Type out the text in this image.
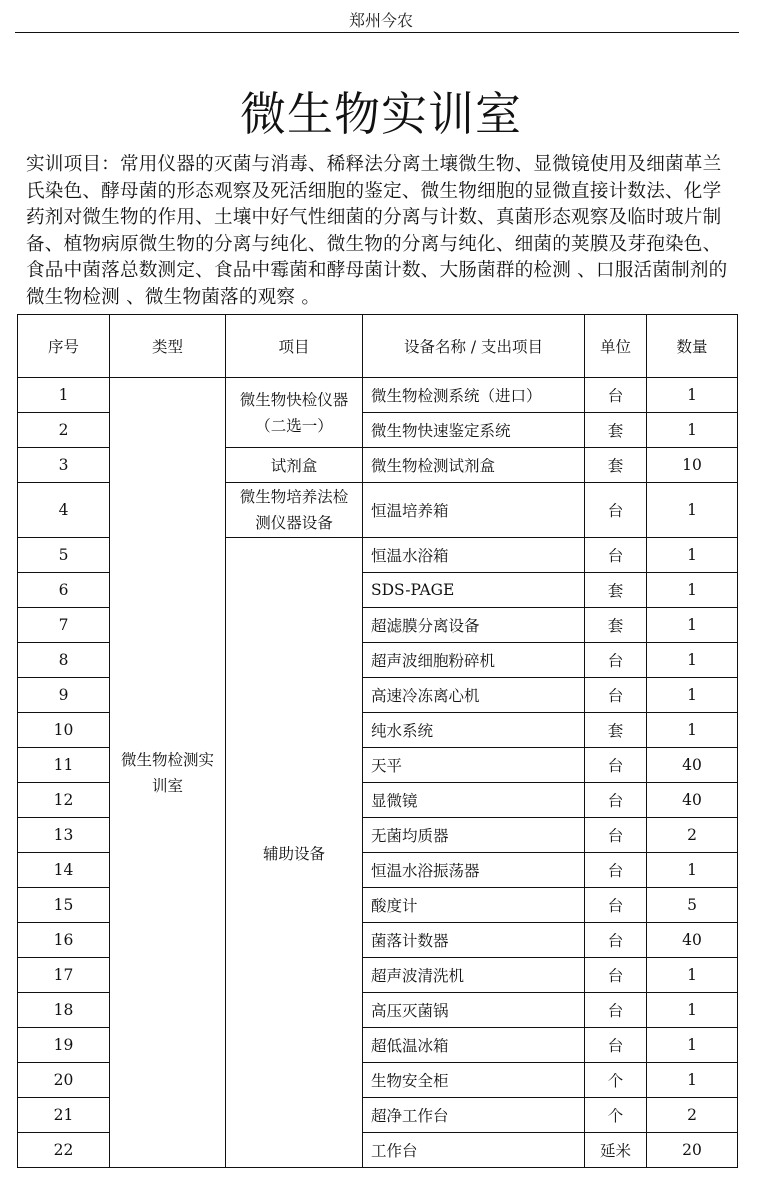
郑州今农
微生物实训室
实训项目：常用仪器的灭菌与消毒、稀释法分离土壤微生物、显微镜使用及细菌革兰氏染色、酵母菌的形态观察及死活细胞的鉴定、微生物细胞的显微直接计数法、化学药剂对微生物的作用、土壤中好气性细菌的分离与计数、真菌形态观察及临时玻片制备、植物病原微生物的分离与纯化、微生物的分离与纯化、细菌的荚膜及芽孢染色、食品中菌落总数测定、食品中霉菌和酵母菌计数、大肠菌群的检测 、口服活菌制剂的微生物检测 、微生物菌落的观察 。
序号	类型	项目	设备名称 / 支出项目	单位	数量
1	微生物检测实训室	微生物快检仪器（二选一）	微生物检测系统（进口）	台	1
2			微生物快速鉴定系统	套	1
3		试剂盒	微生物检测试剂盒	套	10
4		微生物培养法检测仪器设备	恒温培养箱	台	1
5		辅助设备	恒温水浴箱	台	1
6			SDS-PAGE	套	1
7			超滤膜分离设备	套	1
8			超声波细胞粉碎机	台	1
9			高速冷冻离心机	台	1
10			纯水系统	套	1
11			天平	台	40
12			显微镜	台	40
13			无菌均质器	台	2
14			恒温水浴振荡器	台	1
15			酸度计	台	5
16			菌落计数器	台	40
17			超声波清洗机	台	1
18			高压灭菌锅	台	1
19			超低温冰箱	台	1
20			生物安全柜	个	1
21			超净工作台	个	2
22			工作台	延米	20
